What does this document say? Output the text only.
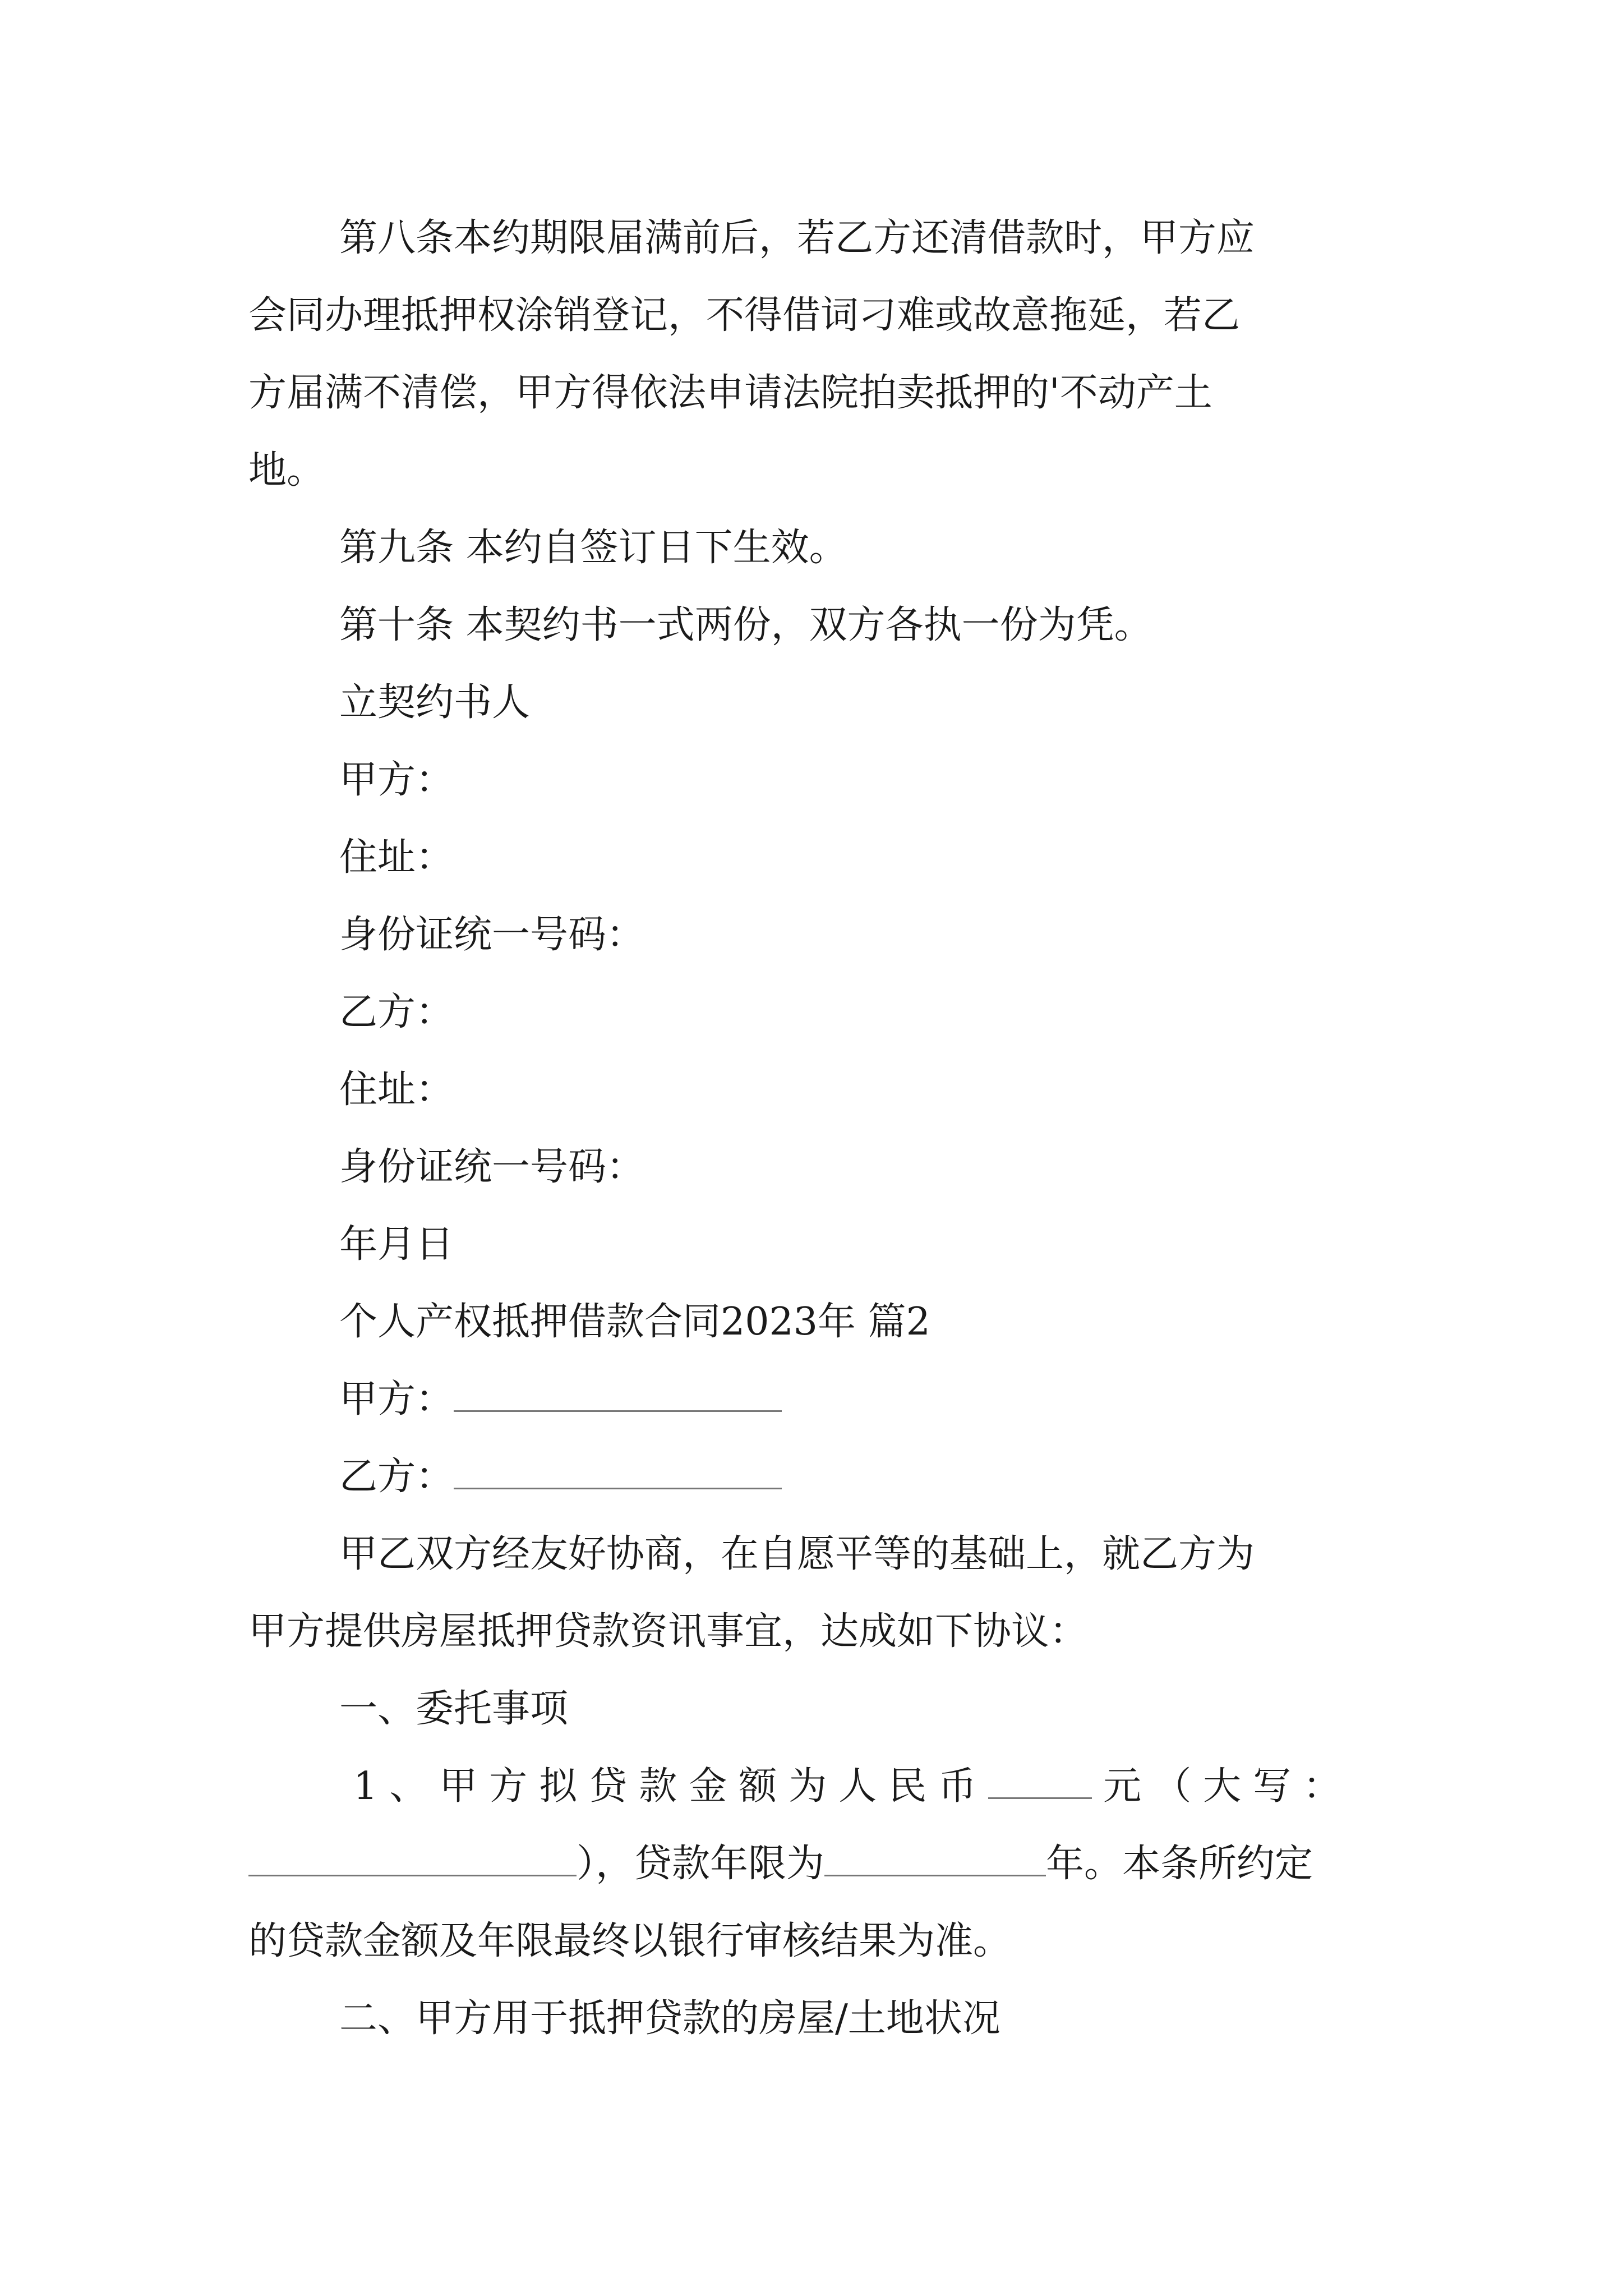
第八条本约期限届满前后，若乙方还清借款时，甲方应
会同办理抵押权涂销登记，不得借词刁难或故意拖延，若乙
方届满不清偿，甲方得依法申请法院拍卖抵押的'不动产土
地。
第九条 本约自签订日下生效。
第十条 本契约书一式两份，双方各执一份为凭。
立契约书人
甲方：
住址：
身份证统一号码：
乙方：
住址：
身份证统一号码：
年月日
个人产权抵押借款合同2023年 篇2
甲方：
乙方：
甲乙双方经友好协商，在自愿平等的基础上，就乙方为
甲方提供房屋抵押贷款资讯事宜，达成如下协议：
一、委托事项
1、甲方拟贷款金额为人民币	元（大写：
），贷款年限为	年。本条所约定
的贷款金额及年限最终以银行审核结果为准。
二、甲方用于抵押贷款的房屋/土地状况
